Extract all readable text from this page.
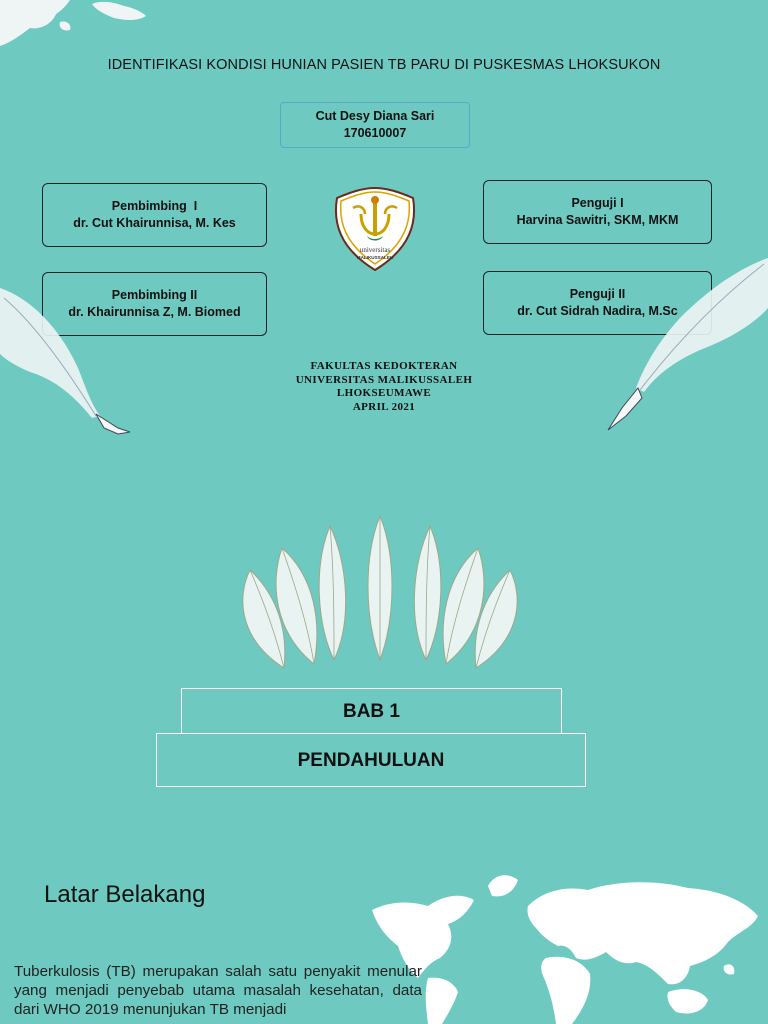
IDENTIFIKASI KONDISI HUNIAN PASIEN TB PARU DI PUSKESMAS LHOKSUKON
Cut Desy Diana Sari
170610007
Pembimbing  I
dr. Cut Khairunnisa, M. Kes
Pembimbing II
dr. Khairunnisa Z, M. Biomed
Penguji I
Harvina Sawitri, SKM, MKM
Penguji II
dr. Cut Sidrah Nadira, M.Sc
universitas
MALIKUSSALEH
FAKULTAS KEDOKTERAN
UNIVERSITAS MALIKUSSALEH
LHOKSEUMAWE
APRIL 2021
BAB 1
PENDAHULUAN
Latar Belakang
Tuberkulosis (TB) merupakan salah satu penyakit menular yang menjadi penyebab utama masalah kesehatan, data dari WHO 2019 menunjukan TB menjadi
